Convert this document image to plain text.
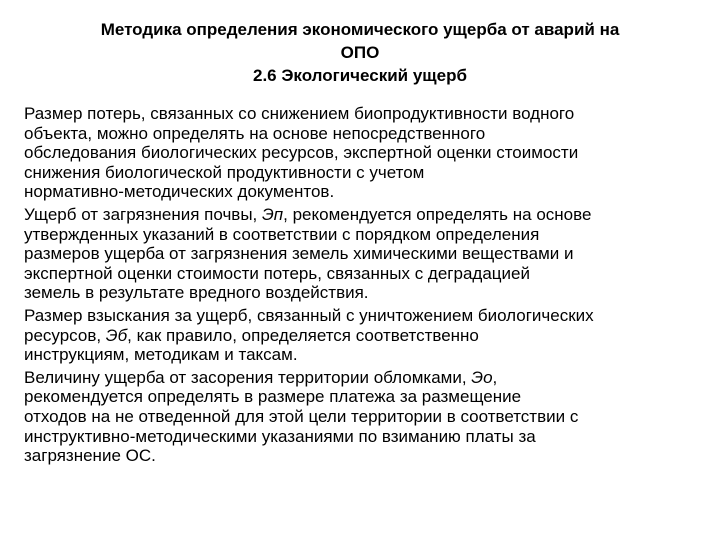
Методика определения экономического ущерба от аварий на
ОПО
2.6 Экологический ущерб
Размер потерь, связанных со снижением биопродуктивности водного
объекта, можно определять на основе непосредственного
обследования биологических ресурсов, экспертной оценки стоимости
снижения биологической продуктивности с учетом
нормативно-методических документов.
Ущерб от загрязнения почвы, Эп, рекомендуется определять на основе
утвержденных указаний в соответствии с порядком определения
размеров ущерба от загрязнения земель химическими веществами и
экспертной оценки стоимости потерь, связанных с деградацией
земель в результате вредного воздействия.
Размер взыскания за ущерб, связанный с уничтожением биологических
ресурсов, Эб, как правило, определяется соответственно
инструкциям, методикам и таксам.
Величину ущерба от засорения территории обломками, Эо,
рекомендуется определять в размере платежа за размещение
отходов на не отведенной для этой цели территории в соответствии с
инструктивно-методическими указаниями по взиманию платы за
загрязнение ОС.
